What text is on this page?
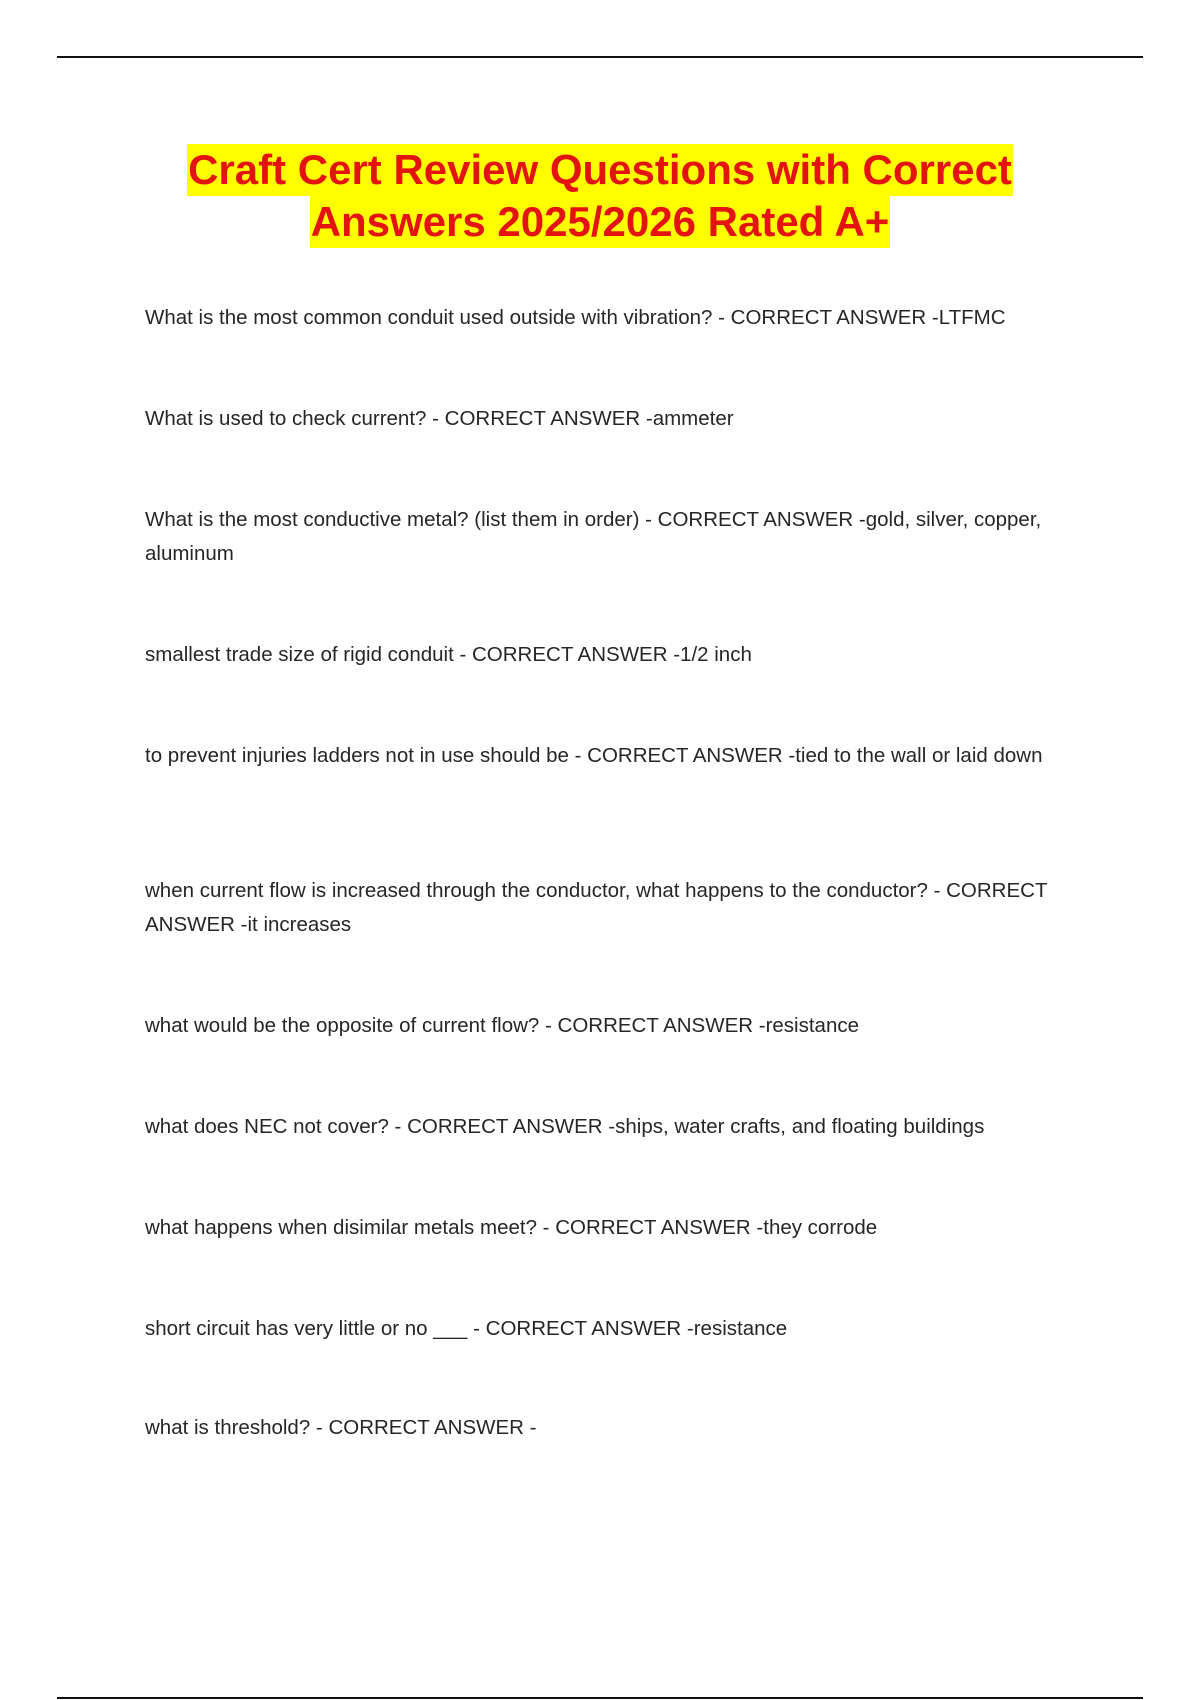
Craft Cert Review Questions with Correct
Answers 2025/2026 Rated A+
What is the most common conduit used outside with vibration? - CORRECT ANSWER -LTFMC
What is used to check current? - CORRECT ANSWER -ammeter
What is the most conductive metal? (list them in order) - CORRECT ANSWER -gold, silver, copper, aluminum
smallest trade size of rigid conduit - CORRECT ANSWER -1/2 inch
to prevent injuries ladders not in use should be - CORRECT ANSWER -tied to the wall or laid down
when current flow is increased through the conductor, what happens to the conductor? - CORRECT ANSWER -it increases
what would be the opposite of current flow? - CORRECT ANSWER -resistance
what does NEC not cover? - CORRECT ANSWER -ships, water crafts, and floating buildings
what happens when disimilar metals meet? - CORRECT ANSWER -they corrode
short circuit has very little or no ___ - CORRECT ANSWER -resistance
what is threshold? - CORRECT ANSWER -
